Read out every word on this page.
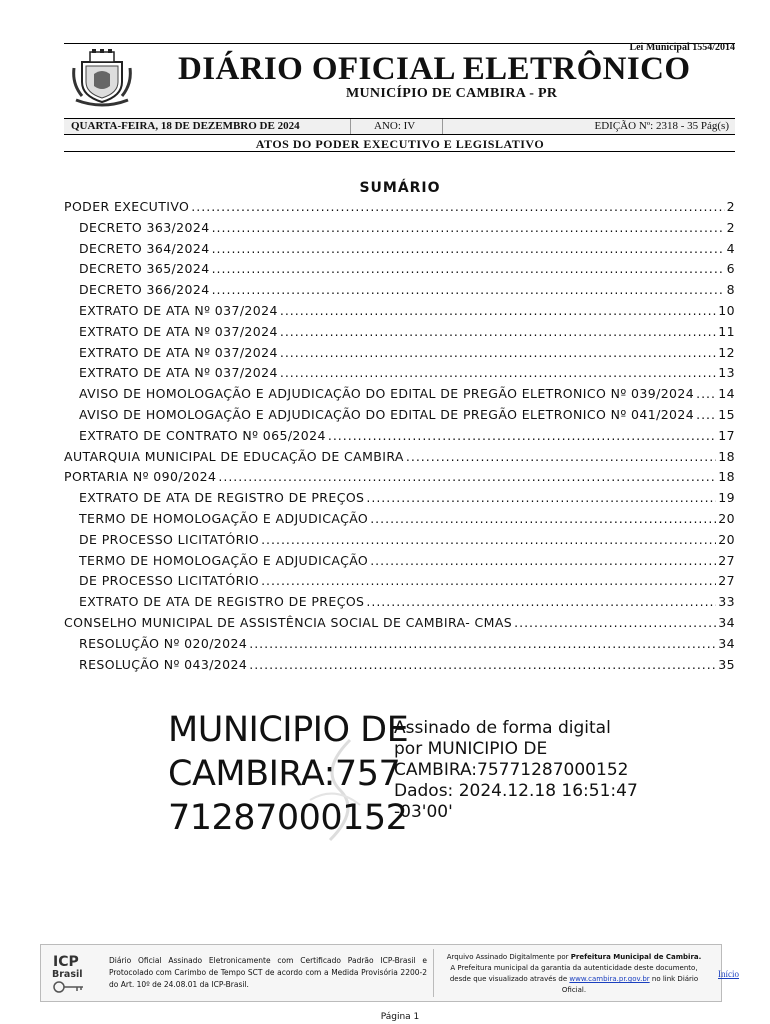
Lei Municipal 1554/2014
DIÁRIO OFICIAL ELETRÔNICO
MUNICÍPIO DE CAMBIRA - PR
QUARTA-FEIRA, 18 DE DEZEMBRO DE 2024	ANO: IV	EDIÇÃO Nº: 2318 - 35 Pág(s)
ATOS DO PODER EXECUTIVO E LEGISLATIVO
SUMÁRIO
PODER EXECUTIVO .....	2
DECRETO 363/2024 .....	2
DECRETO 364/2024 .....	4
DECRETO 365/2024 .....	6
DECRETO 366/2024 .....	8
EXTRATO DE ATA Nº 037/2024 .....	10
EXTRATO DE ATA Nº 037/2024 .....	11
EXTRATO DE ATA Nº 037/2024 .....	12
EXTRATO DE ATA Nº 037/2024 .....	13
AVISO DE HOMOLOGAÇÃO E ADJUDICAÇÃO DO EDITAL DE PREGÃO ELETRONICO Nº 039/2024 ..... 14
AVISO DE HOMOLOGAÇÃO E ADJUDICAÇÃO DO EDITAL DE PREGÃO ELETRONICO Nº 041/2024 ..... 15
EXTRATO DE CONTRATO Nº 065/2024 .....	17
AUTARQUIA MUNICIPAL DE EDUCAÇÃO DE CAMBIRA .....	18
PORTARIA Nº 090/2024 .....	18
EXTRATO DE ATA DE REGISTRO DE PREÇOS .....	19
TERMO DE HOMOLOGAÇÃO E ADJUDICAÇÃO .....	20
DE PROCESSO LICITATÓRIO .....	20
TERMO DE HOMOLOGAÇÃO E ADJUDICAÇÃO .....	27
DE PROCESSO LICITATÓRIO .....	27
EXTRATO DE ATA DE REGISTRO DE PREÇOS .....	33
CONSELHO MUNICIPAL DE ASSISTÊNCIA SOCIAL DE CAMBIRA- CMAS .....	34
RESOLUÇÃO Nº 020/2024 .....	34
RESOLUÇÃO Nº 043/2024 .....	35
MUNICIPIO DE
CAMBIRA:757
71287000152
Assinado de forma digital
por MUNICIPIO DE
CAMBIRA:75771287000152
Dados: 2024.12.18 16:51:47
-03'00'
ICP
Brasil
Diário Oficial Assinado Eletronicamente com Certificado Padrão ICP-Brasil e Protocolado com Carimbo de Tempo SCT de acordo com a Medida Provisória 2200-2 do Art. 10º de 24.08.01 da ICP-Brasil.
Arquivo Assinado Digitalmente por Prefeitura Municipal de Cambira.
A Prefeitura municipal da garantia da autenticidade deste documento, desde que visualizado através de www.cambira.pr.gov.br no link Diário Oficial.
Início
Página 1
